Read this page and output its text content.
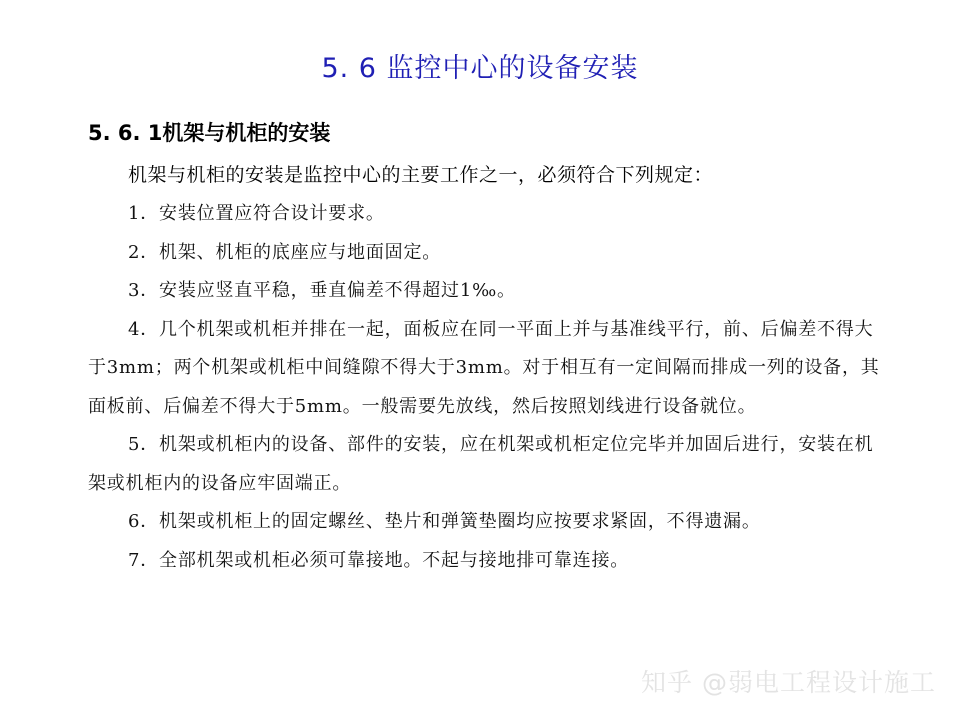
5. 6 监控中心的设备安装
5. 6. 1机架与机柜的安装
机架与机柜的安装是监控中心的主要工作之一，必须符合下列规定：

1．安装位置应符合设计要求。

2．机架、机柜的底座应与地面固定。

3．安装应竖直平稳，垂直偏差不得超过1‰。

4．几个机架或机柜并排在一起，面板应在同一平面上并与基准线平行，前、后偏差不得大于3mm；两个机架或机柜中间缝隙不得大于3mm。对于相互有一定间隔而排成一列的设备，其面板前、后偏差不得大于5mm。一般需要先放线，然后按照划线进行设备就位。

5．机架或机柜内的设备、部件的安装，应在机架或机柜定位完毕并加固后进行，安装在机架或机柜内的设备应牢固端正。

6．机架或机柜上的固定螺丝、垫片和弹簧垫圈均应按要求紧固，不得遗漏。

7．全部机架或机柜必须可靠接地。不起与接地排可靠连接。

知乎 @弱电工程设计施工
